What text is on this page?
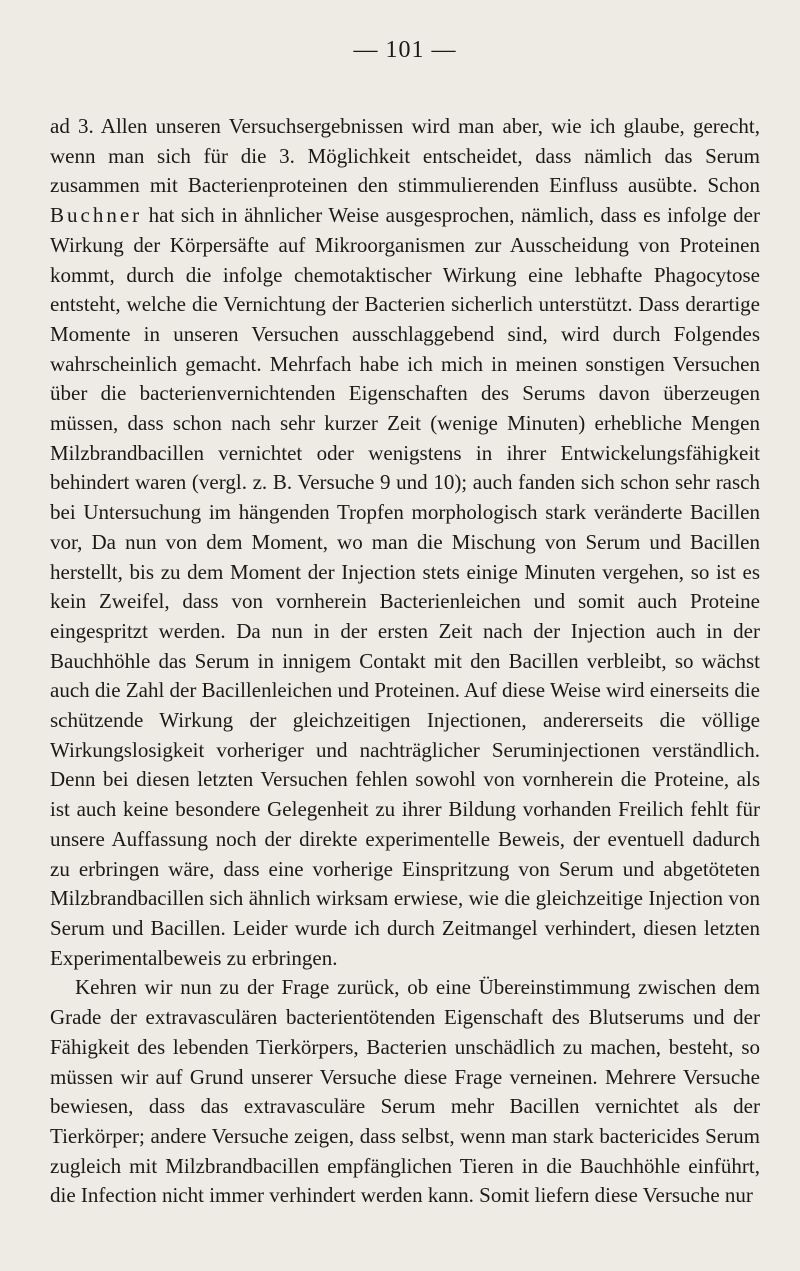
— 101 —

ad 3. Allen unseren Versuchsergebnissen wird man aber, wie ich glaube, gerecht, wenn man sich für die 3. Möglichkeit entscheidet, dass nämlich das Serum zusammen mit Bacterienproteinen den stimmulierenden Einfluss ausübte. Schon Buchner hat sich in ähnlicher Weise ausgesprochen, nämlich, dass es infolge der Wirkung der Körpersäfte auf Mikroorganismen zur Ausscheidung von Proteinen kommt, durch die infolge chemotaktischer Wirkung eine lebhafte Phagocytose entsteht, welche die Vernichtung der Bacterien sicherlich unterstützt. Dass derartige Momente in unseren Versuchen ausschlaggebend sind, wird durch Folgendes wahrscheinlich gemacht. Mehrfach habe ich mich in meinen sonstigen Versuchen über die bacterienvernichtenden Eigenschaften des Serums davon überzeugen müssen, dass schon nach sehr kurzer Zeit (wenige Minuten) erhebliche Mengen Milzbrandbacillen vernichtet oder wenigstens in ihrer Entwickelungsfähigkeit behindert waren (vergl. z. B. Versuche 9 und 10); auch fanden sich schon sehr rasch bei Untersuchung im hängenden Tropfen morphologisch stark veränderte Bacillen vor, Da nun von dem Moment, wo man die Mischung von Serum und Bacillen herstellt, bis zu dem Moment der Injection stets einige Minuten vergehen, so ist es kein Zweifel, dass von vornherein Bacterienleichen und somit auch Proteine eingespritzt werden. Da nun in der ersten Zeit nach der Injection auch in der Bauchhöhle das Serum in innigem Contakt mit den Bacillen verbleibt, so wächst auch die Zahl der Bacillenleichen und Proteinen. Auf diese Weise wird einerseits die schützende Wirkung der gleichzeitigen Injectionen, andererseits die völlige Wirkungslosigkeit vorheriger und nachträglicher Seruminjectionen verständlich. Denn bei diesen letzten Versuchen fehlen sowohl von vornherein die Proteine, als ist auch keine besondere Gelegenheit zu ihrer Bildung vorhanden Freilich fehlt für unsere Auffassung noch der direkte experimentelle Beweis, der eventuell dadurch zu erbringen wäre, dass eine vorherige Einspritzung von Serum und abgetöteten Milzbrandbacillen sich ähnlich wirksam erwiese, wie die gleichzeitige Injection von Serum und Bacillen. Leider wurde ich durch Zeitmangel verhindert, diesen letzten Experimentalbeweis zu erbringen.

Kehren wir nun zu der Frage zurück, ob eine Übereinstimmung zwischen dem Grade der extravasculären bacterientötenden Eigenschaft des Blutserums und der Fähigkeit des lebenden Tierkörpers, Bacterien unschädlich zu machen, besteht, so müssen wir auf Grund unserer Versuche diese Frage verneinen. Mehrere Versuche bewiesen, dass das extravasculäre Serum mehr Bacillen vernichtet als der Tierkörper; andere Versuche zeigen, dass selbst, wenn man stark bactericides Serum zugleich mit Milzbrandbacillen empfänglichen Tieren in die Bauchhöhle einführt, die Infection nicht immer verhindert werden kann. Somit liefern diese Versuche nur
